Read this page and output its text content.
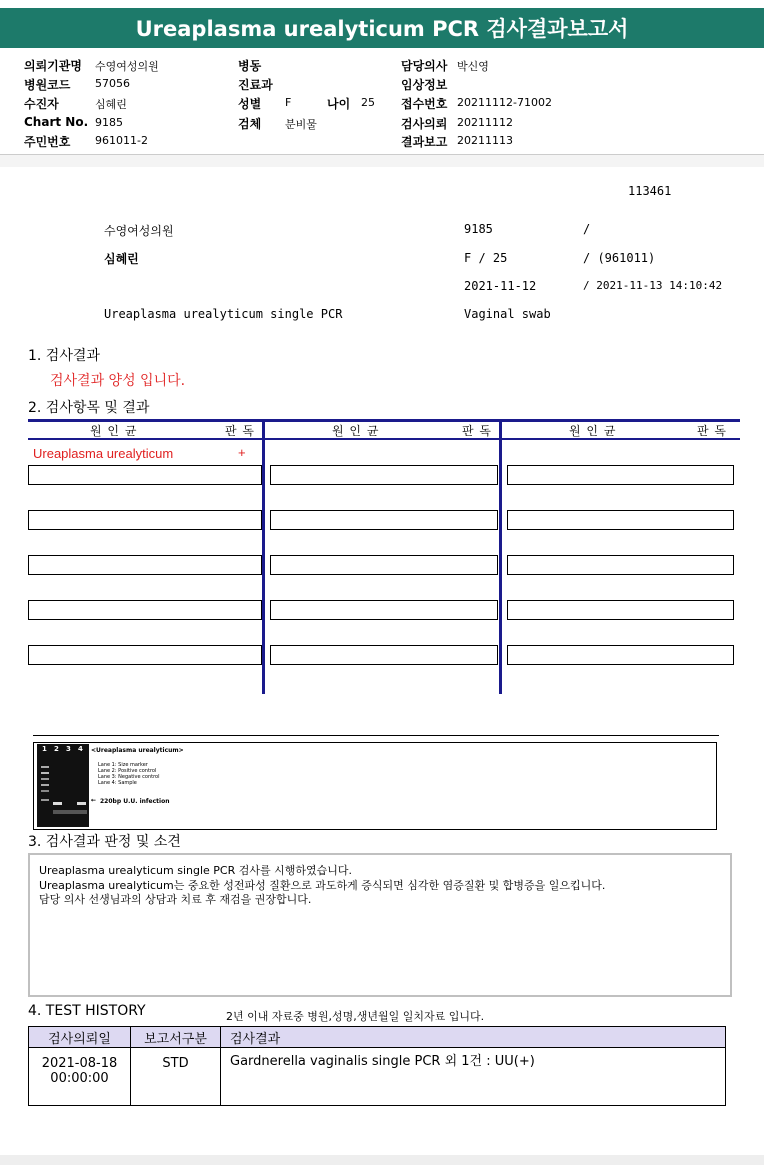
Ureaplasma urealyticum PCR 검사결과보고서
의뢰기관명 수영여성의원
병원코드 57056
수진자	심혜린
Chart No. 9185
주민번호 961011-2
병동
진료과
성별 F	나이 25
검체 분비물
담당의사 박신영
임상정보
접수번호 20211112-71002
검사의뢰 20211112
결과보고 20211113
113461
수영여성의원	9185	/
심혜린	F / 25	/ (961011)
2021-11-12	/ 2021-11-13 14:10:42
Ureaplasma urealyticum single PCR	Vaginal swab
1. 검사결과
검사결과 양성 입니다.
2. 검사항목 및 결과
원 인 균	판 독	원 인 균	판 독	원 인 균	판 독
Ureaplasma urealyticum	+
1 2 3 4 <Ureaplasma urealyticum>
Lane 1: Size marker
Lane 2: Positive control
Lane 3: Negative control
Lane 4: Sample
← 220bp U.U. infection
3. 검사결과 판정 및 소견
Ureaplasma urealyticum single PCR 검사를 시행하였습니다.
Ureaplasma urealyticum는 중요한 성전파성 질환으로 과도하게 증식되면 심각한 염증질환 및 합병증을 일으킵니다.
담당 의사 선생님과의 상담과 치료 후 재검을 권장합니다.
4. TEST HISTORY	2년 이내 자료중 병원,성명,생년월일 일치자료 입니다.
검사의뢰일	보고서구분	검사결과

2021-08-18
00:00:00	STD	Gardnerella vaginalis single PCR 외 1건 : UU(+)
